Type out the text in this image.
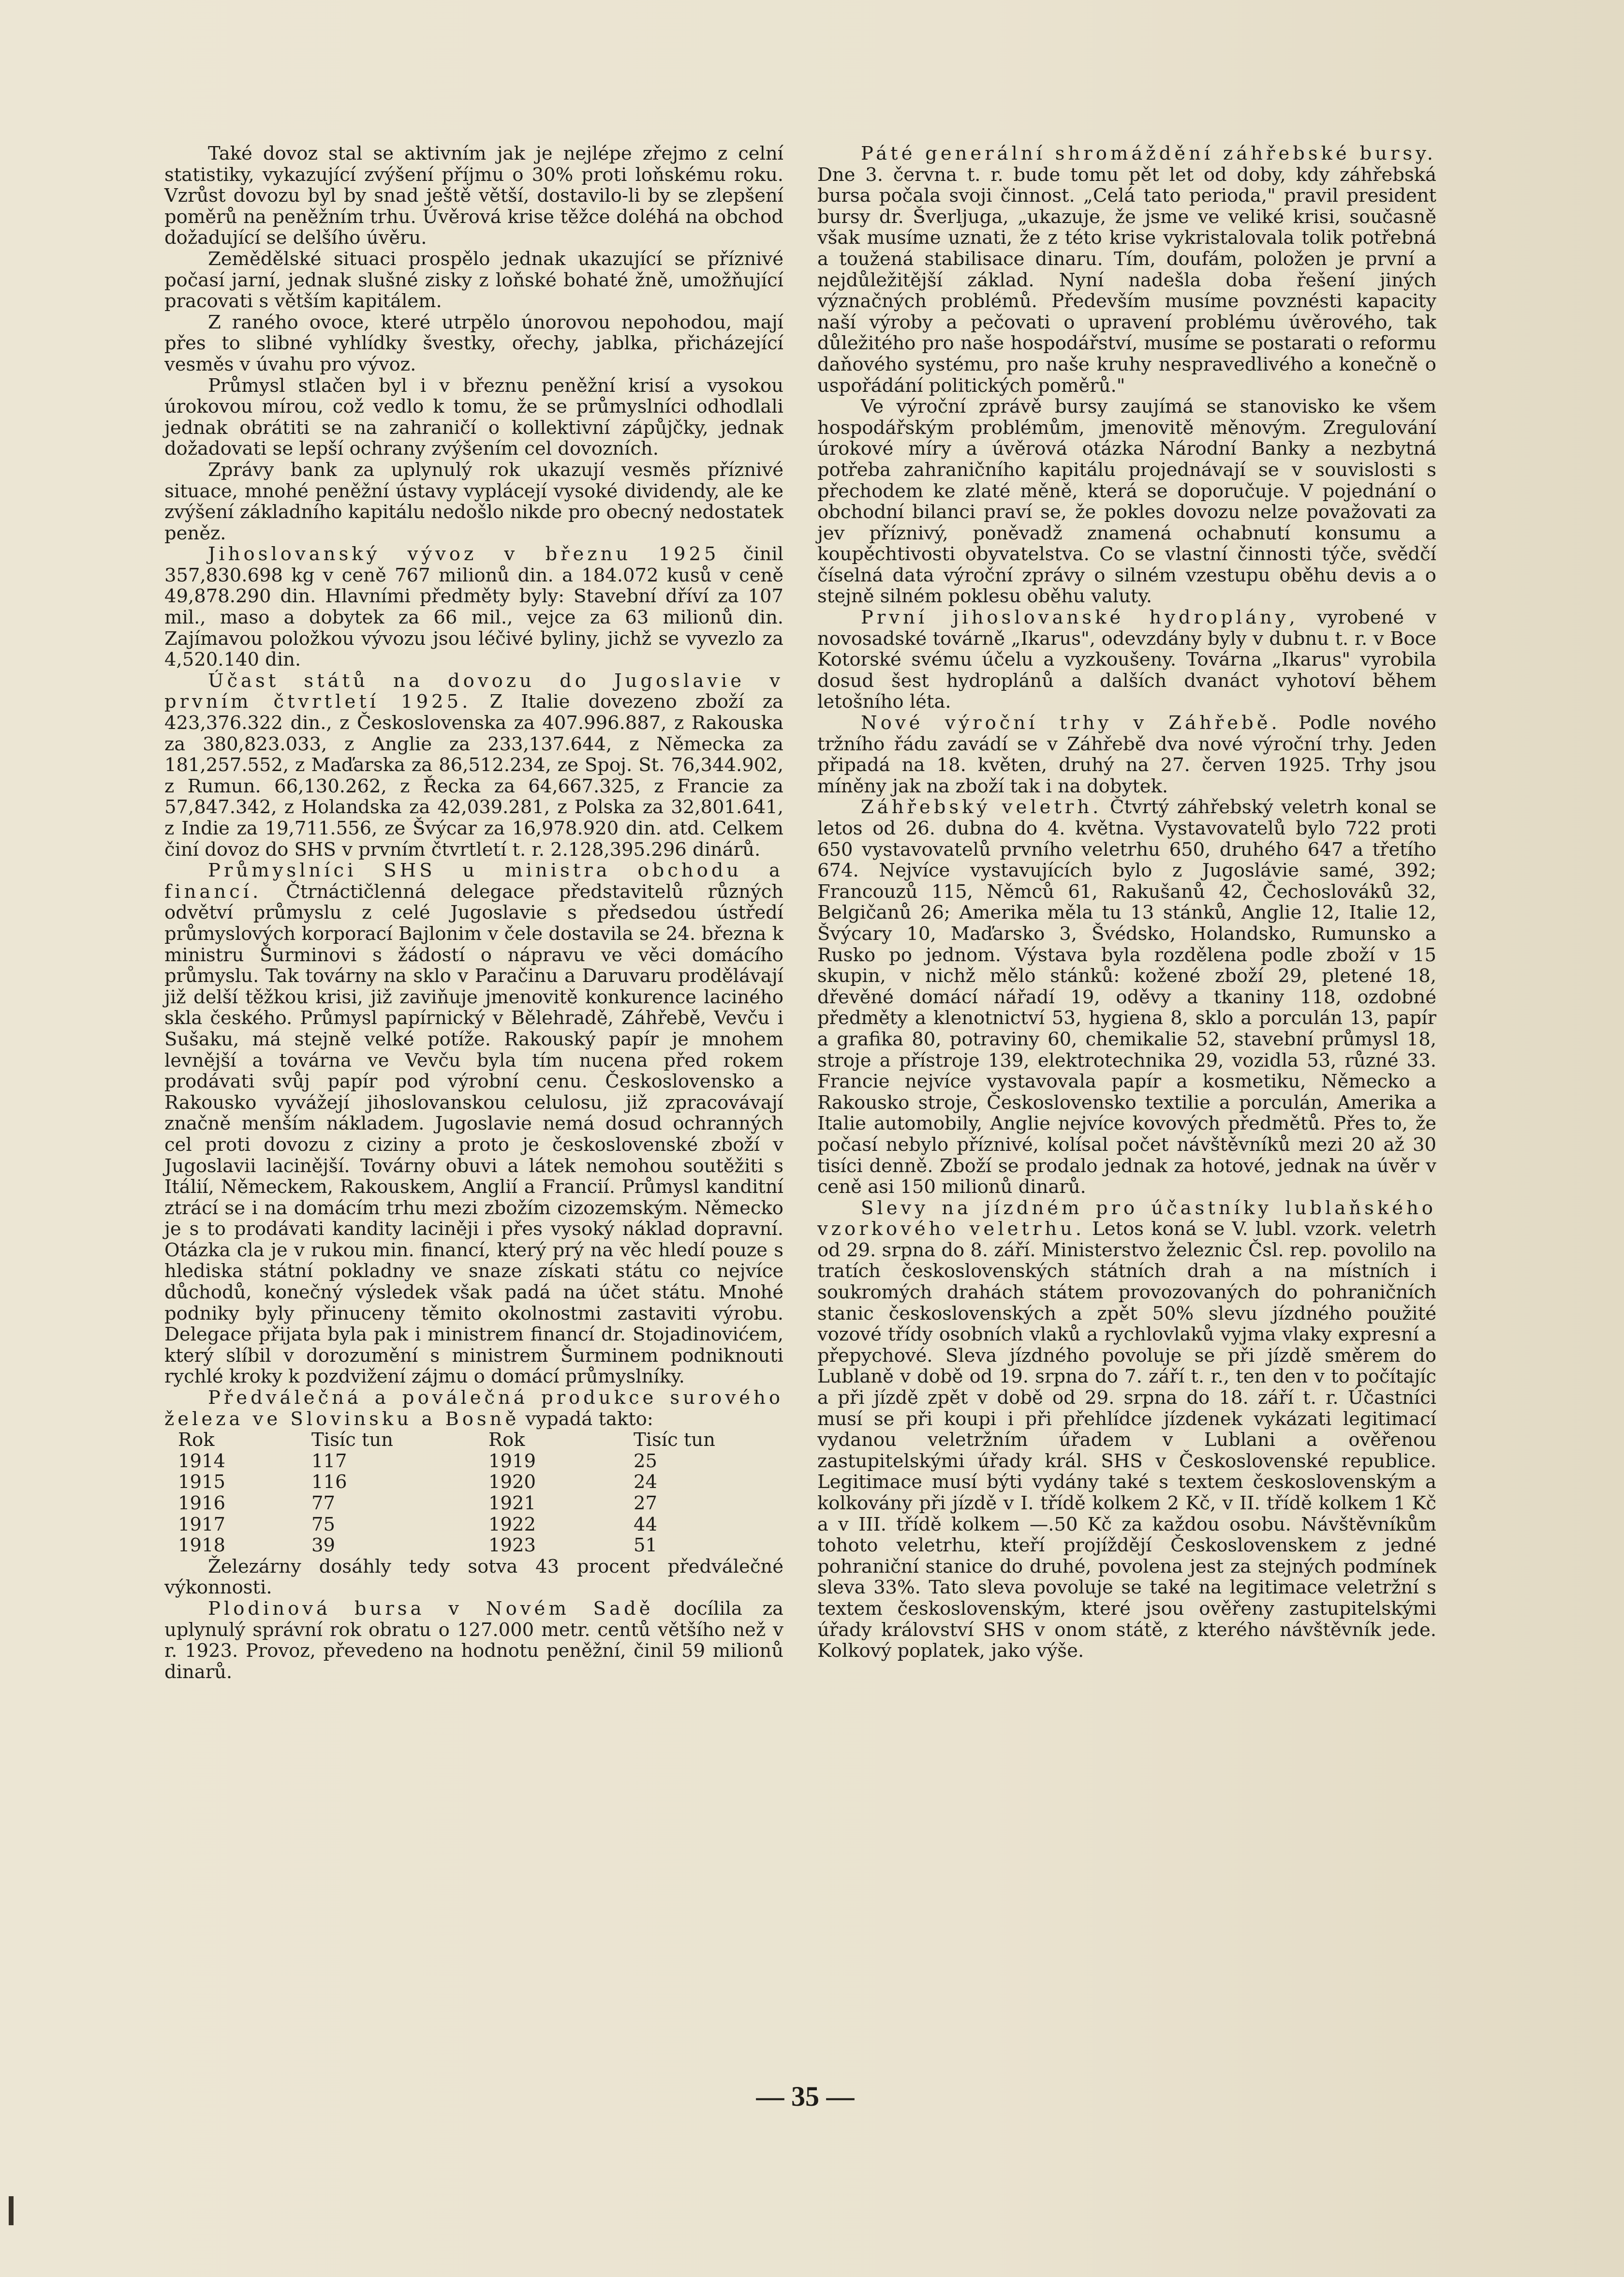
Také dovoz stal se aktivním jak je nejlépe zřejmo z celní statistiky, vykazující zvýšení příjmu o 30% proti loňskému roku. Vzrůst dovozu byl by snad ještě větší, dostavilo-li by se zlepšení poměrů na peněžním trhu. Úvěrová krise těžce doléhá na obchod dožadující se delšího úvěru.

Zemědělské situaci prospělo jednak ukazující se příznivé počasí jarní, jednak slušné zisky z loňské bohaté žně, umožňující pracovati s větším kapitálem.

Z raného ovoce, které utrpělo únorovou nepohodou, mají přes to slibné vyhlídky švestky, ořechy, jablka, přicházející vesměs v úvahu pro vývoz.

Průmysl stlačen byl i v březnu peněžní krisí a vysokou úrokovou mírou, což vedlo k tomu, že se průmyslníci odhodlali jednak obrátiti se na zahraničí o kollektivní zápůjčky, jednak dožadovati se lepší ochrany zvýšením cel dovozních.

Zprávy bank za uplynulý rok ukazují vesměs příznivé situace, mnohé peněžní ústavy vyplácejí vysoké dividendy, ale ke zvýšení základního kapitálu nedošlo nikde pro obecný nedostatek peněz.

Jihoslovanský vývoz v březnu 1925 činil 357,830.698 kg v ceně 767 milionů din. a 184.072 kusů v ceně 49,878.290 din. Hlavními předměty byly: Stavební dříví za 107 mil., maso a dobytek za 66 mil., vejce za 63 milionů din. Zajímavou položkou vývozu jsou léčivé byliny, jichž se vyvezlo za 4,520.140 din.

Účast států na dovozu do Jugoslavie v prvním čtvrtletí 1925. Z Italie dovezeno zboží za 423,376.322 din., z Československa za 407.996.887, z Rakouska za 380,823.033, z Anglie za 233,137.644, z Německa za 181,257.552, z Maďarska za 86,512.234, ze Spoj. St. 76,344.902, z Rumun. 66,130.262, z Řecka za 64,667.325, z Francie za 57,847.342, z Holandska za 42,039.281, z Polska za 32,801.641, z Indie za 19,711.556, ze Švýcar za 16,978.920 din. atd. Celkem činí dovoz do SHS v prvním čtvrtletí t. r. 2.128,395.296 dinárů.

Průmyslníci SHS u ministra obchodu a financí. Čtrnáctičlenná delegace představitelů různých odvětví průmyslu z celé Jugoslavie s předsedou ústředí průmyslových korporací Bajlonim v čele dostavila se 24. března k ministru Šurminovi s žádostí o nápravu ve věci domácího průmyslu. Tak továrny na sklo v Paračinu a Daruvaru prodělávají již delší těžkou krisi, již zaviňuje jmenovitě konkurence laciného skla českého. Průmysl papírnický v Bělehradě, Záhřebě, Vevču i Sušaku, má stejně velké potíže. Rakouský papír je mnohem levnější a továrna ve Vevču byla tím nucena před rokem prodávati svůj papír pod výrobní cenu. Československo a Rakousko vyvážejí jihoslovanskou celulosu, již zpracovávají značně menším nákladem. Jugoslavie nemá dosud ochranných cel proti dovozu z ciziny a proto je československé zboží v Jugoslavii lacinější. Továrny obuvi a látek nemohou soutěžiti s Itálií, Německem, Rakouskem, Anglií a Francií. Průmysl kanditní ztrácí se i na domácím trhu mezi zbožím cizozemským. Německo je s to prodávati kandity laciněji i přes vysoký náklad dopravní. Otázka cla je v rukou min. financí, který prý na věc hledí pouze s hlediska státní pokladny ve snaze získati státu co nejvíce důchodů, konečný výsledek však padá na účet státu. Mnohé podniky byly přinuceny těmito okolnostmi zastaviti výrobu. Delegace přijata byla pak i ministrem financí dr. Stojadinovićem, který slíbil v dorozumění s ministrem Šurminem podniknouti rychlé kroky k pozdvižení zájmu o domácí průmyslníky.

Předválečná a poválečná produkce surového železa ve Slovinsku a Bosně vypadá takto:

Rok	Tisíc tun	Rok	Tisíc tun
1914	117	1919	25
1915	116	1920	24
1916	77	1921	27
1917	75	1922	44
1918	39	1923	51

Železárny dosáhly tedy sotva 43 procent předválečné výkonnosti.

Plodinová bursa v Novém Sadě docílila za uplynulý správní rok obratu o 127.000 metr. centů většího než v r. 1923. Provoz, převedeno na hodnotu peněžní, činil 59 milionů dinarů.

Páté generální shromáždění záhřebské bursy. Dne 3. června t. r. bude tomu pět let od doby, kdy záhřebská bursa počala svoji činnost. „Celá tato perioda," pravil president bursy dr. Šverljuga, „ukazuje, že jsme ve veliké krisi, současně však musíme uznati, že z této krise vykristalovala tolik potřebná a toužená stabilisace dinaru. Tím, doufám, položen je první a nejdůležitější základ. Nyní nadešla doba řešení jiných význačných problémů. Především musíme povznésti kapacity naší výroby a pečovati o upravení problému úvěrového, tak důležitého pro naše hospodářství, musíme se postarati o reformu daňového systému, pro naše kruhy nespravedlivého a konečně o uspořádání politických poměrů."

Ve výroční zprávě bursy zaujímá se stanovisko ke všem hospodářským problémům, jmenovitě měnovým. Zregulování úrokové míry a úvěrová otázka Národní Banky a nezbytná potřeba zahraničního kapitálu projednávají se v souvislosti s přechodem ke zlaté měně, která se doporučuje. V pojednání o obchodní bilanci praví se, že pokles dovozu nelze považovati za jev příznivý, poněvadž znamená ochabnutí konsumu a koupěchtivosti obyvatelstva. Co se vlastní činnosti týče, svědčí číselná data výroční zprávy o silném vzestupu oběhu devis a o stejně silném poklesu oběhu valuty.

První jihoslovanské hydroplány, vyrobené v novosadské továrně „Ikarus", odevzdány byly v dubnu t. r. v Boce Kotorské svému účelu a vyzkoušeny. Továrna „Ikarus" vyrobila dosud šest hydroplánů a dalších dvanáct vyhotoví během letošního léta.

Nové výroční trhy v Záhřebě. Podle nového tržního řádu zavádí se v Záhřebě dva nové výroční trhy. Jeden připadá na 18. květen, druhý na 27. červen 1925. Trhy jsou míněny jak na zboží tak i na dobytek.

Záhřebský veletrh. Čtvrtý záhřebský veletrh konal se letos od 26. dubna do 4. května. Vystavovatelů bylo 722 proti 650 vystavovatelů prvního veletrhu 650, druhého 647 a třetího 674. Nejvíce vystavujících bylo z Jugoslávie samé, 392; Francouzů 115, Němců 61, Rakušanů 42, Čechoslováků 32, Belgičanů 26; Amerika měla tu 13 stánků, Anglie 12, Italie 12, Švýcary 10, Maďarsko 3, Švédsko, Holandsko, Rumunsko a Rusko po jednom. Výstava byla rozdělena podle zboží v 15 skupin, v nichž mělo stánků: kožené zboží 29, pletené 18, dřevěné domácí nářadí 19, oděvy a tkaniny 118, ozdobné předměty a klenotnictví 53, hygiena 8, sklo a porculán 13, papír a grafika 80, potraviny 60, chemikalie 52, stavební průmysl 18, stroje a přístroje 139, elektrotechnika 29, vozidla 53, různé 33. Francie nejvíce vystavovala papír a kosmetiku, Německo a Rakousko stroje, Československo textilie a porculán, Amerika a Italie automobily, Anglie nejvíce kovových předmětů. Přes to, že počasí nebylo příznivé, kolísal počet návštěvníků mezi 20 až 30 tisíci denně. Zboží se prodalo jednak za hotové, jednak na úvěr v ceně asi 150 milionů dinarů.

Slevy na jízdném pro účastníky lublaňského vzorkového veletrhu. Letos koná se V. lubl. vzork. veletrh od 29. srpna do 8. září. Ministerstvo železnic Čsl. rep. povolilo na tratích československých státních drah a na místních i soukromých drahách státem provozovaných do pohraničních stanic československých a zpět 50% slevu jízdného použité vozové třídy osobních vlaků a rychlovlaků vyjma vlaky expresní a přepychové. Sleva jízdného povoluje se při jízdě směrem do Lublaně v době od 19. srpna do 7. září t. r., ten den v to počítajíc a při jízdě zpět v době od 29. srpna do 18. září t. r. Účastníci musí se při koupi i při přehlídce jízdenek vykázati legitimací vydanou veletržním úřadem v Lublani a ověřenou zastupitelskými úřady král. SHS v Československé republice. Legitimace musí býti vydány také s textem československým a kolkovány při jízdě v I. třídě kolkem 2 Kč, v II. třídě kolkem 1 Kč a v III. třídě kolkem —.50 Kč za každou osobu. Návštěvníkům tohoto veletrhu, kteří projíždějí Československem z jedné pohraniční stanice do druhé, povolena jest za stejných podmínek sleva 33%. Tato sleva povoluje se také na legitimace veletržní s textem československým, které jsou ověřeny zastupitelskými úřady království SHS v onom státě, z kterého návštěvník jede. Kolkový poplatek, jako výše.

— 35 —
